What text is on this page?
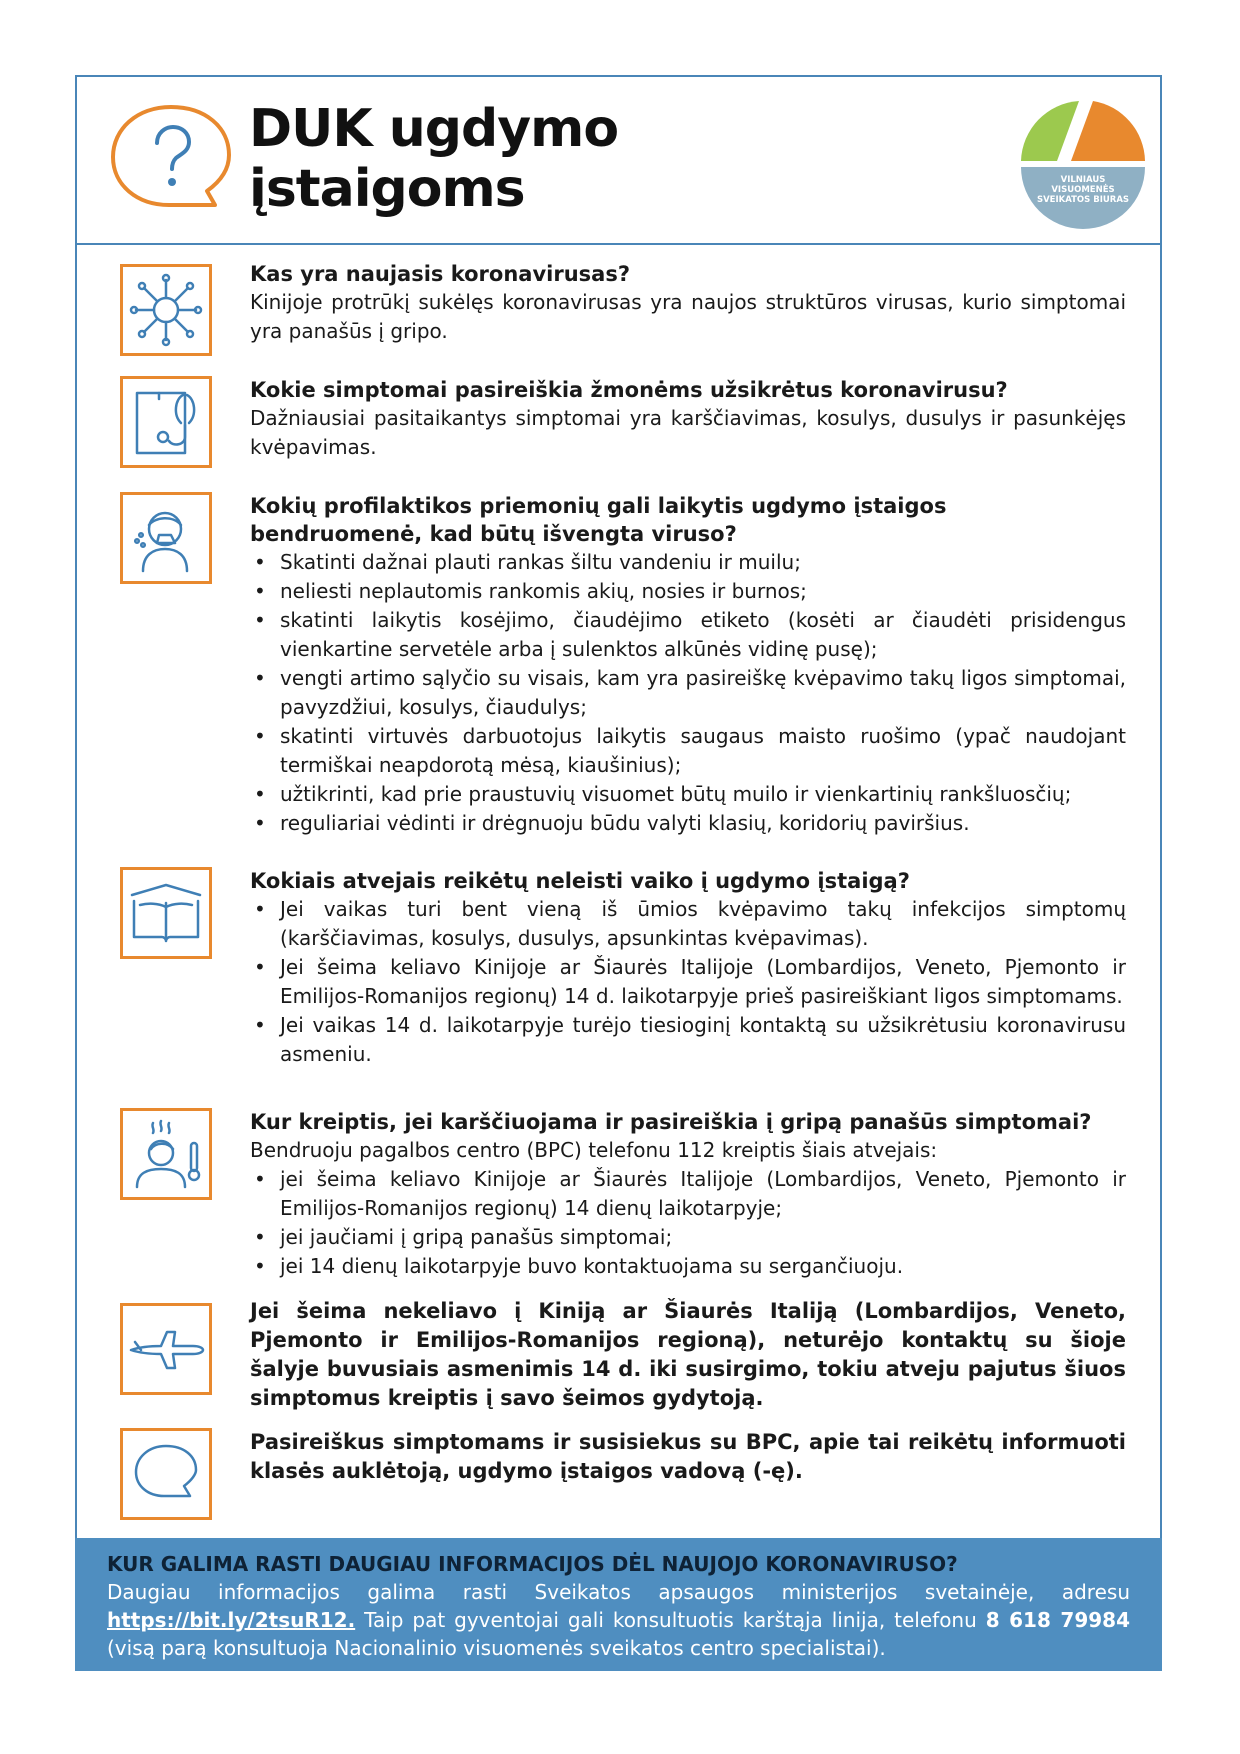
DUK ugdymo
įstaigoms	VILNIAUS VISUOMENĖS
SVEIKATOS BIURAS

Kas yra naujasis koronavirusas?

Kinijoje protrūkį sukėlęs koronavirusas yra naujos struktūros virusas, kurio simptomai yra panašūs į gripo.

Kokie simptomai pasireiškia žmonėms užsikrėtus koronavirusu?

Dažniausiai pasitaikantys simptomai yra karščiavimas, kosulys, dusulys ir pasunkėjęs kvėpavimas.

Kokių profilaktikos priemonių gali laikytis ugdymo įstaigos bendruomenė, kad būtų išvengta viruso?

• Skatinti dažnai plauti rankas šiltu vandeniu ir muilu;
• neliesti neplautomis rankomis akių, nosies ir burnos;
• skatinti laikytis kosėjimo, čiaudėjimo etiketo (kosėti ar čiaudėti prisidengus vienkartine servetėle arba į sulenktos alkūnės vidinę pusę);
• vengti artimo sąlyčio su visais, kam yra pasireiškę kvėpavimo takų ligos simptomai, pavyzdžiui, kosulys, čiaudulys;
• skatinti virtuvės darbuotojus laikytis saugaus maisto ruošimo (ypač naudojant termiškai neapdorotą mėsą, kiaušinius);
• užtikrinti, kad prie praustuvių visuomet būtų muilo ir vienkartinių rankšluosčių;
• reguliariai vėdinti ir drėgnuoju būdu valyti klasių, koridorių paviršius.

Kokiais atvejais reikėtų neleisti vaiko į ugdymo įstaigą?

• Jei vaikas turi bent vieną iš ūmios kvėpavimo takų infekcijos simptomų (karščiavimas, kosulys, dusulys, apsunkintas kvėpavimas).
• Jei šeima keliavo Kinijoje ar Šiaurės Italijoje (Lombardijos, Veneto, Pjemonto ir Emilijos-Romanijos regionų) 14 d. laikotarpyje prieš pasireiškiant ligos simptomams.
• Jei vaikas 14 d. laikotarpyje turėjo tiesioginį kontaktą su užsikrėtusiu koronavirusu asmeniu.

Kur kreiptis, jei karščiuojama ir pasireiškia į gripą panašūs simptomai?

Bendruoju pagalbos centro (BPC) telefonu 112 kreiptis šiais atvejais:

• jei šeima keliavo Kinijoje ar Šiaurės Italijoje (Lombardijos, Veneto, Pjemonto ir Emilijos-Romanijos regionų) 14 dienų laikotarpyje;
• jei jaučiami į gripą panašūs simptomai;
• jei 14 dienų laikotarpyje buvo kontaktuojama su sergančiuoju.

Jei šeima nekeliavo į Kiniją ar Šiaurės Italiją (Lombardijos, Veneto, Pjemonto ir Emilijos-Romanijos regioną), neturėjo kontaktų su šioje šalyje buvusiais asmenimis 14 d. iki susirgimo, tokiu atveju pajutus šiuos simptomus kreiptis į savo šeimos gydytoją.

Pasireiškus simptomams ir susisiekus su BPC, apie tai reikėtų informuoti klasės auklėtoją, ugdymo įstaigos vadovą (-ę).

KUR GALIMA RASTI DAUGIAU INFORMACIJOS DĖL NAUJOJO KORONAVIRUSO?

Daugiau informacijos galima rasti Sveikatos apsaugos ministerijos svetainėje, adresu https://bit.ly/2tsuR12. Taip pat gyventojai gali konsultuotis karštąja linija, telefonu 8 618 79984 (visą parą konsultuoja Nacionalinio visuomenės sveikatos centro specialistai).
